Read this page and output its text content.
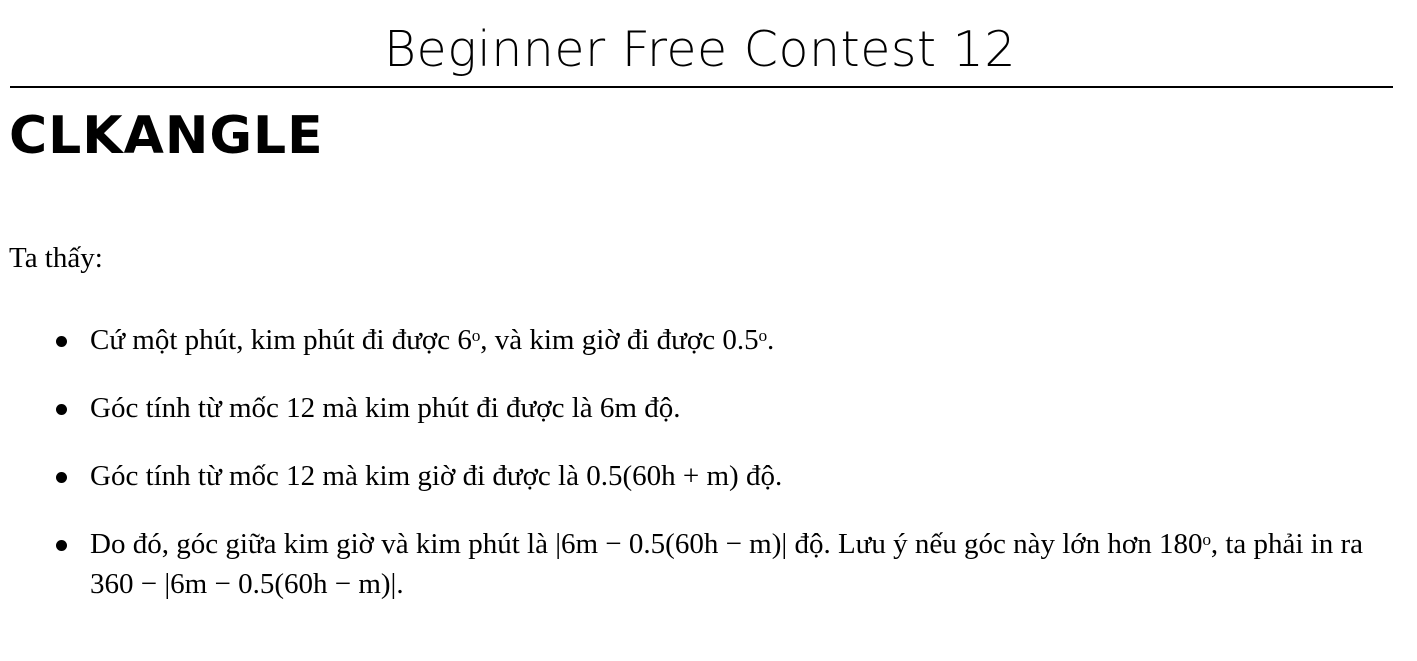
Beginner Free Contest 12
CLKANGLE
Ta thấy:
Cứ một phút, kim phút đi được 6ᵒ, và kim giờ đi được 0.5ᵒ.
Góc tính từ mốc 12 mà kim phút đi được là 6m độ.
Góc tính từ mốc 12 mà kim giờ đi được là 0.5(60h + m) độ.
Do đó, góc giữa kim giờ và kim phút là |6m − 0.5(60h − m)| độ. Lưu ý nếu góc này lớn hơn 180ᵒ, ta phải in ra 360 − |6m − 0.5(60h − m)|.
